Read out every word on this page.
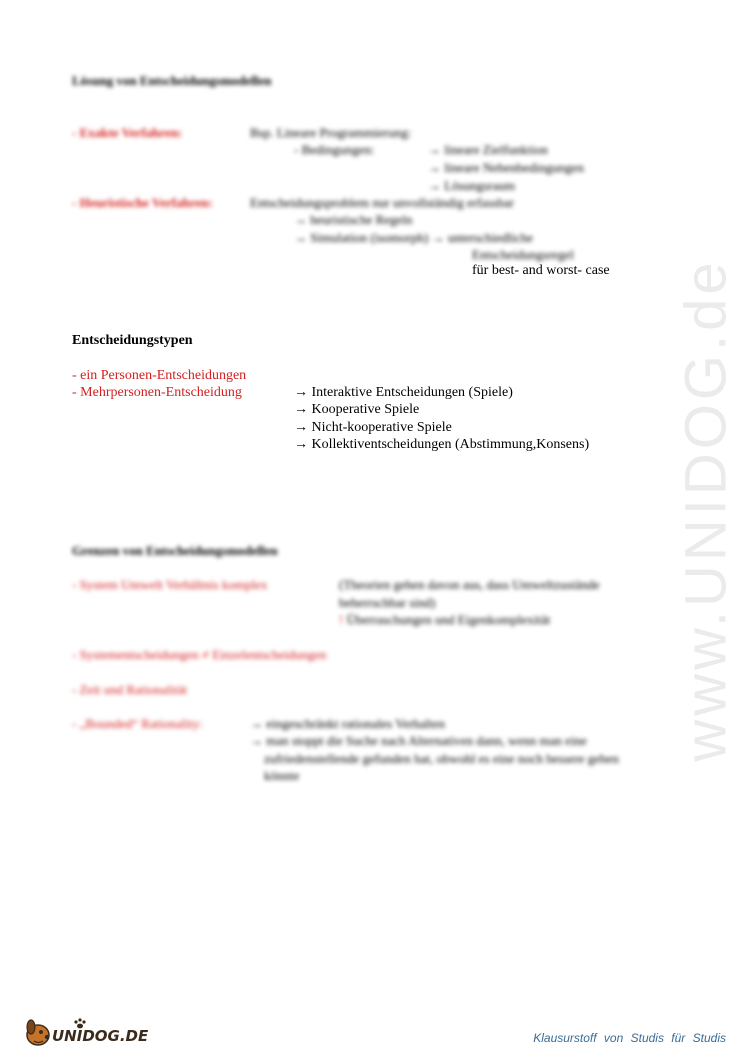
www.UNIDOG.de
Lösung von Entscheidungsmodellen
- Exakte Verfahren:	Bsp. Lineare Programmierung:
- Bedingungen:	→ lineare Zielfunktion
→ lineare Nebenbedingungen
→ Lösungsraum
- Heuristische Verfahren:	Entscheidungsproblem nur unvollständig erfassbar
→ heuristische Regeln
→ Simulation (isomorph) → unterschiedliche
Entscheidungsregel
für best- and worst- case
Entscheidungstypen
- ein Personen-Entscheidungen
- Mehrpersonen-Entscheidung	→ Interaktive Entscheidungen (Spiele)
→ Kooperative Spiele
→ Nicht-kooperative Spiele
→ Kollektiventscheidungen (Abstimmung,Konsens)
Grenzen von Entscheidungsmodellen
- System Umwelt Verhältnis komplex	(Theorien gehen davon aus, dass Umweltzustände
beherrschbar sind)
! Überraschungen und Eigenkomplexität
- Systementscheidungen ≠ Einzelentscheidungen
- Zeit und Rationalität
- „Bounded“ Rationality:	→ eingeschränkt rationales Verhalten
→ man stoppt die Suche nach Alternativen dann, wenn man eine
zufriedenstellende gefunden hat, obwohl es eine noch bessere geben
könnte
UNIDOG.DE	Klausurstoff von Studis für Studis
